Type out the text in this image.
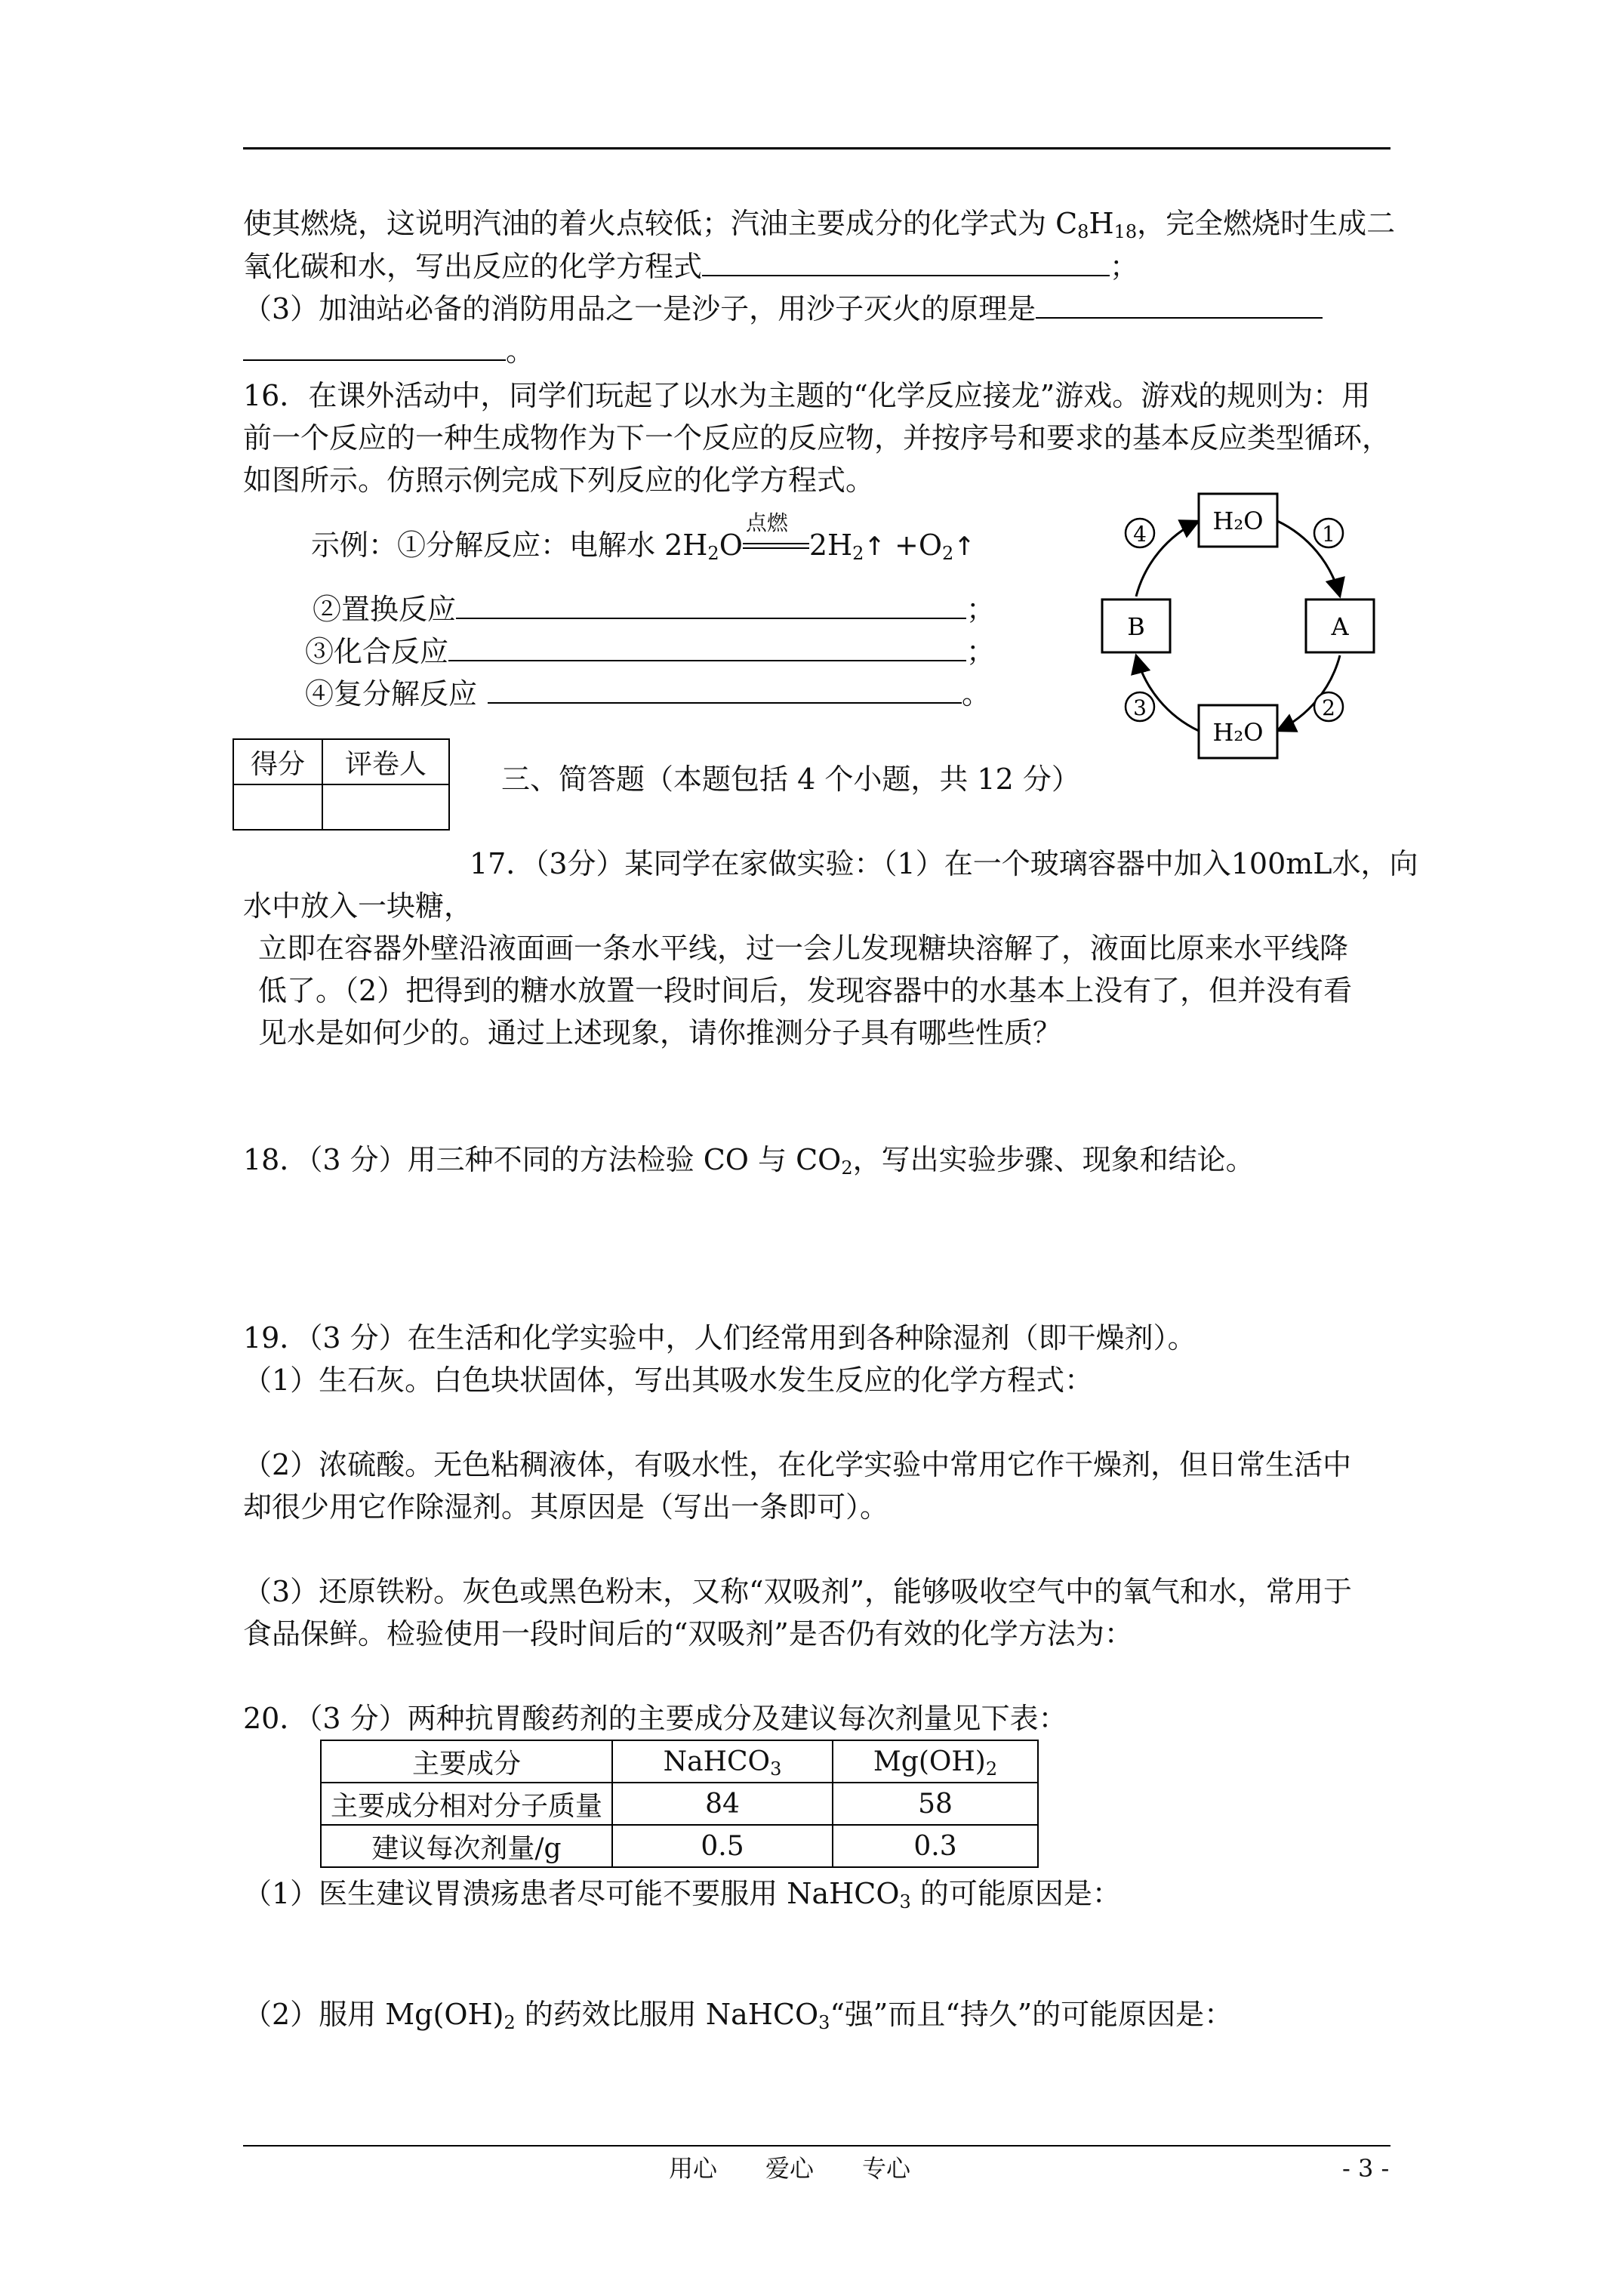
使其燃烧，这说明汽油的着火点较低；汽油主要成分的化学式为 $C_8H_{18}$，完全燃烧时生成二
氧化碳和水，写出反应的化学方程式	；
（3）加油站必备的消防用品之一是沙子，用沙子灭火的原理是
。
16．在课外活动中，同学们玩起了以水为主题的“化学反应接龙”游戏。游戏的规则为：用
前一个反应的一种生成物作为下一个反应的反应物，并按序号和要求的基本反应类型循环，
如图所示。仿照示例完成下列反应的化学方程式。
示例：①分解反应：电解水 $2H_2O$
点燃
$2H_2↑$ $+O_2↑$
②置换反应	；
③化合反应	；
④复分解反应	。
H₂O
A
H₂O
B
1
2
3
4
得分	评卷人
		三、简答题（本题包括 4 个小题，共 12 分）
17．（3分）某同学在家做实验：（1）在一个玻璃容器中加入100mL水，向
水中放入一块糖，
立即在容器外壁沿液面画一条水平线，过一会儿发现糖块溶解了，液面比原来水平线降
低了。（2）把得到的糖水放置一段时间后，发现容器中的水基本上没有了，但并没有看
见水是如何少的。通过上述现象，请你推测分子具有哪些性质？
18．（3 分）用三种不同的方法检验 CO 与 $CO_2$，写出实验步骤、现象和结论。
19．（3 分）在生活和化学实验中，人们经常用到各种除湿剂（即干燥剂）。
（1）生石灰。白色块状固体，写出其吸水发生反应的化学方程式：
（2）浓硫酸。无色粘稠液体，有吸水性，在化学实验中常用它作干燥剂，但日常生活中
却很少用它作除湿剂。其原因是（写出一条即可）。
（3）还原铁粉。灰色或黑色粉末，又称“双吸剂”，能够吸收空气中的氧气和水，常用于
食品保鲜。检验使用一段时间后的“双吸剂”是否仍有效的化学方法为：
20．（3 分）两种抗胃酸药剂的主要成分及建议每次剂量见下表：
主要成分	NaHCO$_3$	$Mg(OH)_2$
主要成分相对分子质量	84	58
建议每次剂量/g	0.5	0.3
（1）医生建议胃溃疡患者尽可能不要服用 NaHCO$_3$ 的可能原因是：
（2）服用 $Mg(OH)_2$ 的药效比服用 NaHCO$_3$“强”而且“持久”的可能原因是：
用心　　爱心　　专心	- 3 -
